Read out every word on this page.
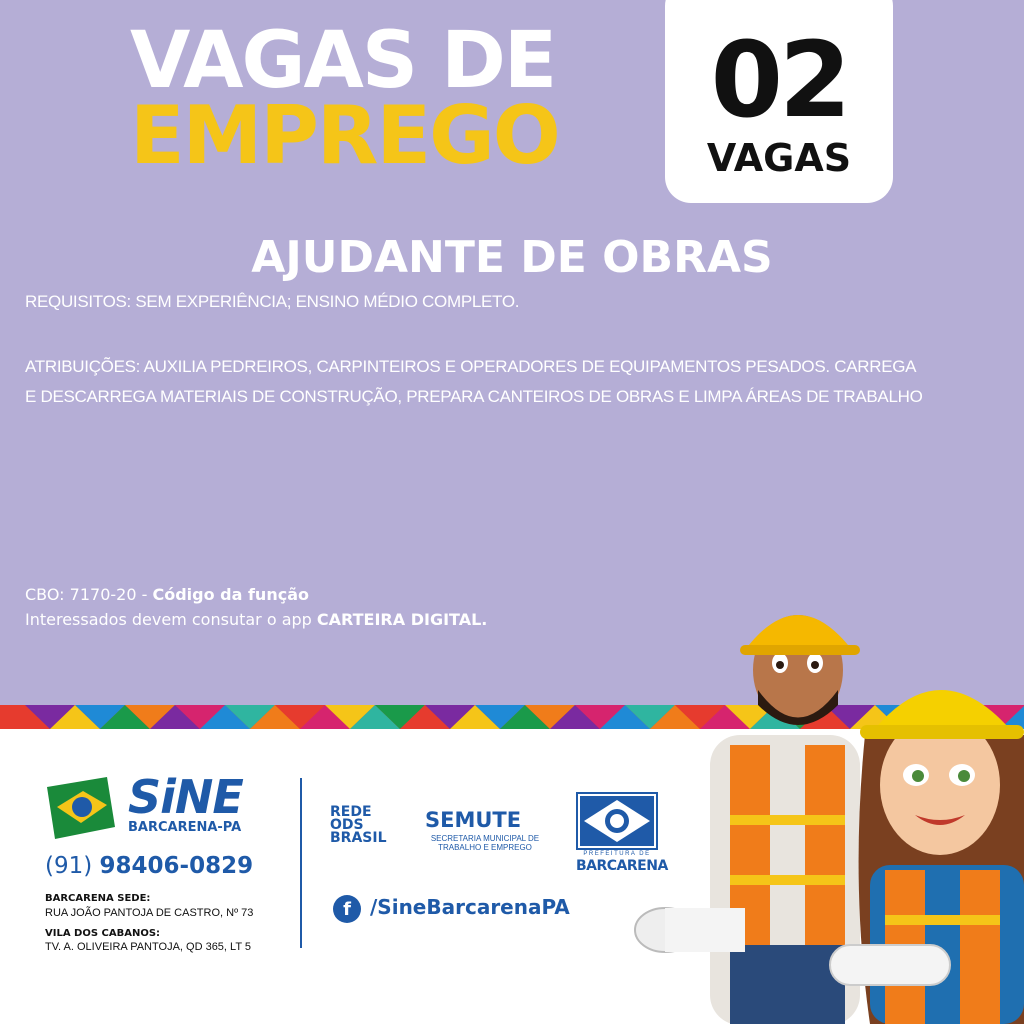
VAGAS DE
EMPREGO	02
VAGAS
AJUDANTE DE OBRAS
REQUISITOS: SEM EXPERIÊNCIA; ENSINO MÉDIO COMPLETO.
ATRIBUIÇÕES: AUXILIA PEDREIROS, CARPINTEIROS E OPERADORES DE EQUIPAMENTOS PESADOS. CARREGA
E DESCARREGA MATERIAIS DE CONSTRUÇÃO, PREPARA CANTEIROS DE OBRAS E LIMPA ÁREAS DE TRABALHO
CBO: 7170-20 - Código da função
Interessados devem consutar o app CARTEIRA DIGITAL.
SiNE
BARCARENA-PA
(91) 98406-0829
BARCARENA SEDE:
RUA JOÃO PANTOJA DE CASTRO, Nº 73
VILA DOS CABANOS:
TV. A. OLIVEIRA PANTOJA, QD 365, LT 5
REDE
ODS
BRASIL
SEMUTE
SECRETARIA MUNICIPAL DE TRABALHO E EMPREGO
PREFEITURA DE
BARCARENA
f /SineBarcarenaPA
